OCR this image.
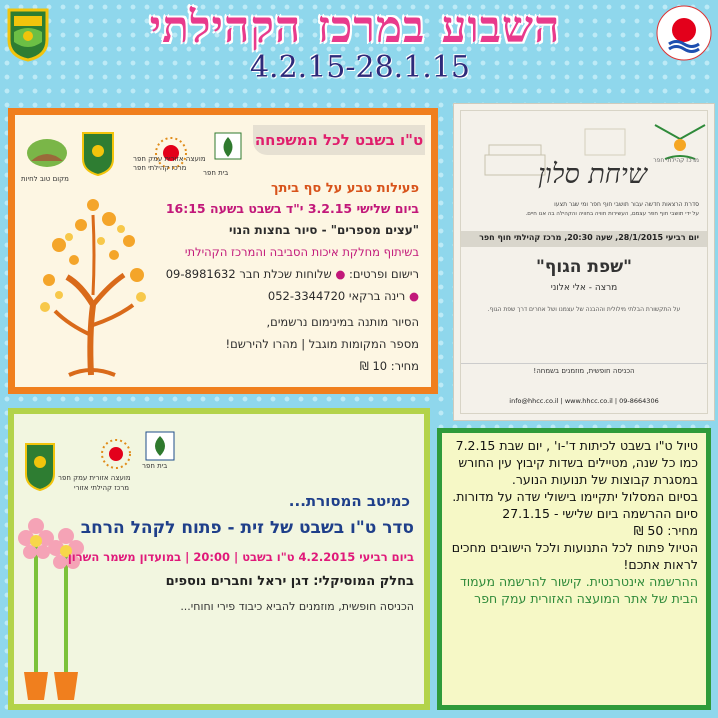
השבוע במרכז הקהילתי
4.2.15-28.1.15
ט"ו בשבט לכל המשפחה
מועצה אזורית עמק חפר
מרכז קהילתי חפר
מקום טוב לחיות
בית חפר
פעילות טבע על סף ביתך
ביום שלישי 3.2.15 י"ד בשבט בשעה 16:15
"עצים מספרים" - סיור בחצות הנוי
בשיתוף מחלקת איכות הסביבה והמרכז הקהילתי
רישום ופרטים: ● שלוחות שכלת חבר 09-8981632
● רינה ברקאי 052-3344720
הסיור מותנה במינימום נרשמים,
מספר המקומות מוגבל | מהרו להירשם!
מחיר: 10 ₪
מרכז קהילתי חפר
שיחת סלון
סדרת הרצאות חדשה עבור תושבי חוף חפר ומי שגר תצעו
על ידי תושבי חוף חפר עצמם, העשירות חוויה בחוויה והקהילה בה אנו חיים.
יום רביעי 28/1/2015, שעה 20:30, מרכז קהילתי חוף חפר
"שפת הגוף"
מרצה - אלי אלוני
על התקשורת הבלתי מילולית וההבנה של עצמנו ושל אחרים דרך שפת הגוף.
הכניסה חופשית, מוזמנים בשמחה!
info@hhcc.co.il | www.hhcc.co.il | 09-8664306
מועצה אזורית עמק חפר
מרכז קהילתי אזורי
בית חפר
כמיטב המסורת...
סדר ט"ו בשבט של זית - פתוח לקהל הרחב
ביום רביעי 4.2.2015 ט"ו בשבט | 20:00 | במועדון משמר השרון
בחלק המוסיקלי: דגן יראל וחברים נוספים
הכניסה חופשית, מוזמנים להביא כיבוד פירי וחוחי...
טיול ט"ו בשבט לכיתות ד'-ו' , יום שבת 7.2.15
כמו כל שנה, מטיילים בשדות קיבוץ עין החורש במסגרת קבוצות של תנועות הנוער.
בסיום המסלול יתקיימו בישולי שדה על מדורות.
סיום ההרשמה ביום שלישי - 27.1.15
מחיר: 50 ₪
הטיול פתוח לכל התנועות ולכל הישובים מחכים לראות אתכם!
ההרשמה אינטרנטית. קישור להרשמה מעמוד הבית של אתר המועצה האזורית עמק חפר
